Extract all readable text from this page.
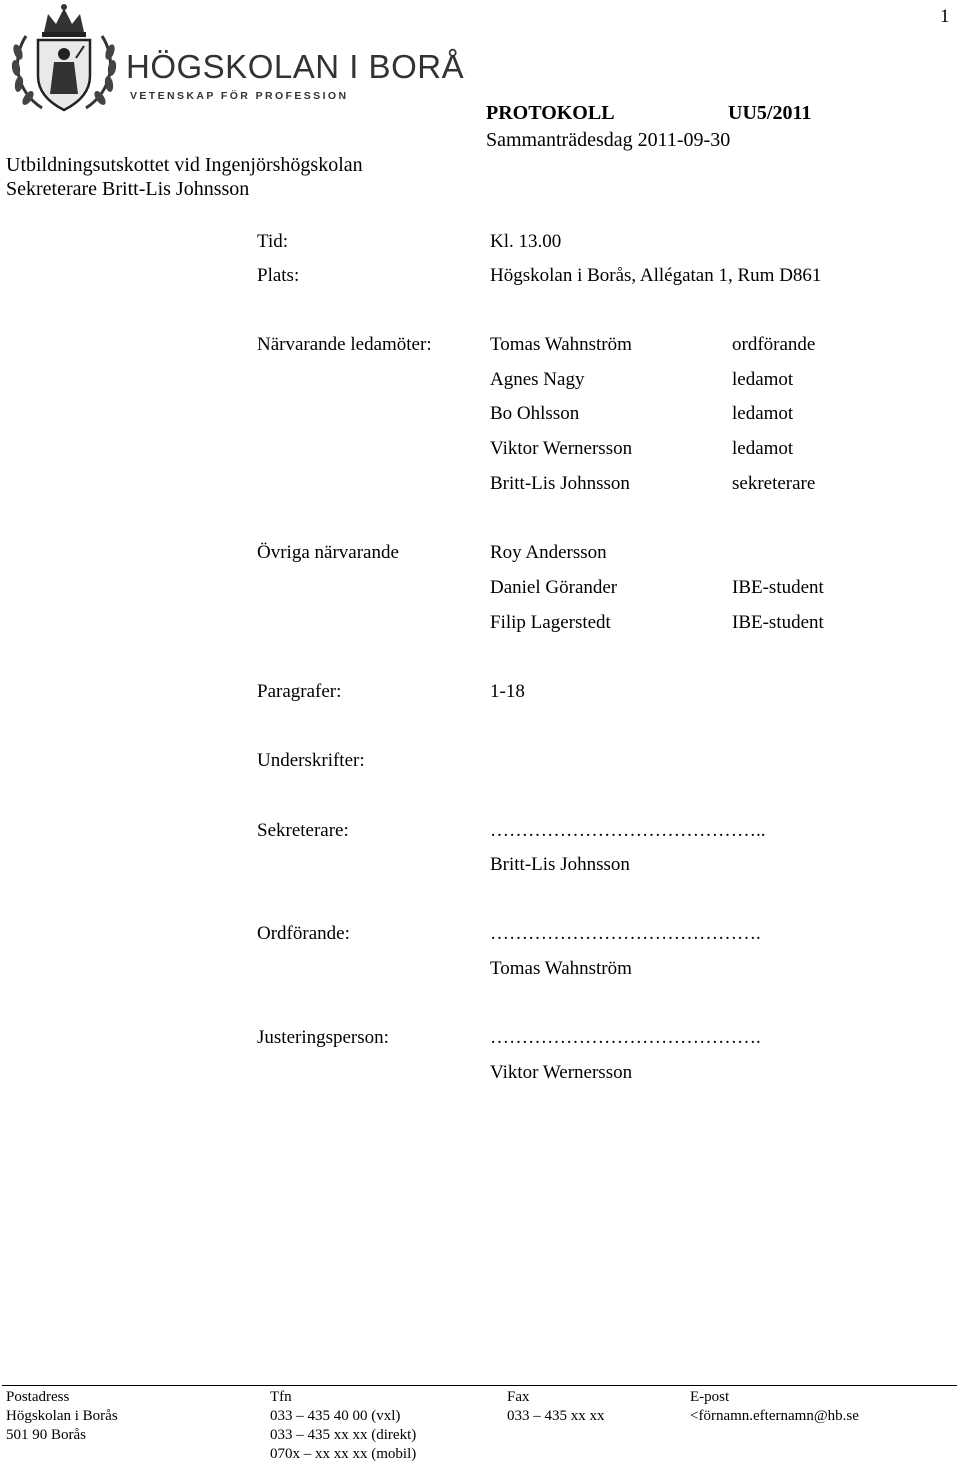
1
HÖGSKOLAN I BORÅS
VETENSKAP FÖR PROFESSION
Utbildningsutskottet vid Ingenjörshögskolan
Sekreterare Britt-Lis Johnsson
PROTOKOLL	UU5/2011
Sammanträdesdag 2011-09-30
Tid:	Kl. 13.00
Plats:	Högskolan i Borås, Allégatan 1, Rum D861
Närvarande ledamöter:	Tomas Wahnström	ordförande
Agnes Nagy	ledamot
Bo Ohlsson	ledamot
Viktor Wernersson	ledamot
Britt-Lis Johnsson	sekreterare
Övriga närvarande	Roy Andersson
Daniel Görander	IBE-student
Filip Lagerstedt	IBE-student
Paragrafer:	1-18
Underskrifter:
Sekreterare:	……………………………………..
Britt-Lis Johnsson
Ordförande:	…………………………………….
Tomas Wahnström
Justeringsperson:	…………………………………….
Viktor Wernersson
Postadress
Högskolan i Borås
501 90 Borås
Tfn
033 – 435 40 00 (vxl)
033 – 435 xx xx (direkt)
070x – xx xx xx (mobil)
Fax
033 – 435 xx xx
E-post
<förnamn.efternamn@hb.se
